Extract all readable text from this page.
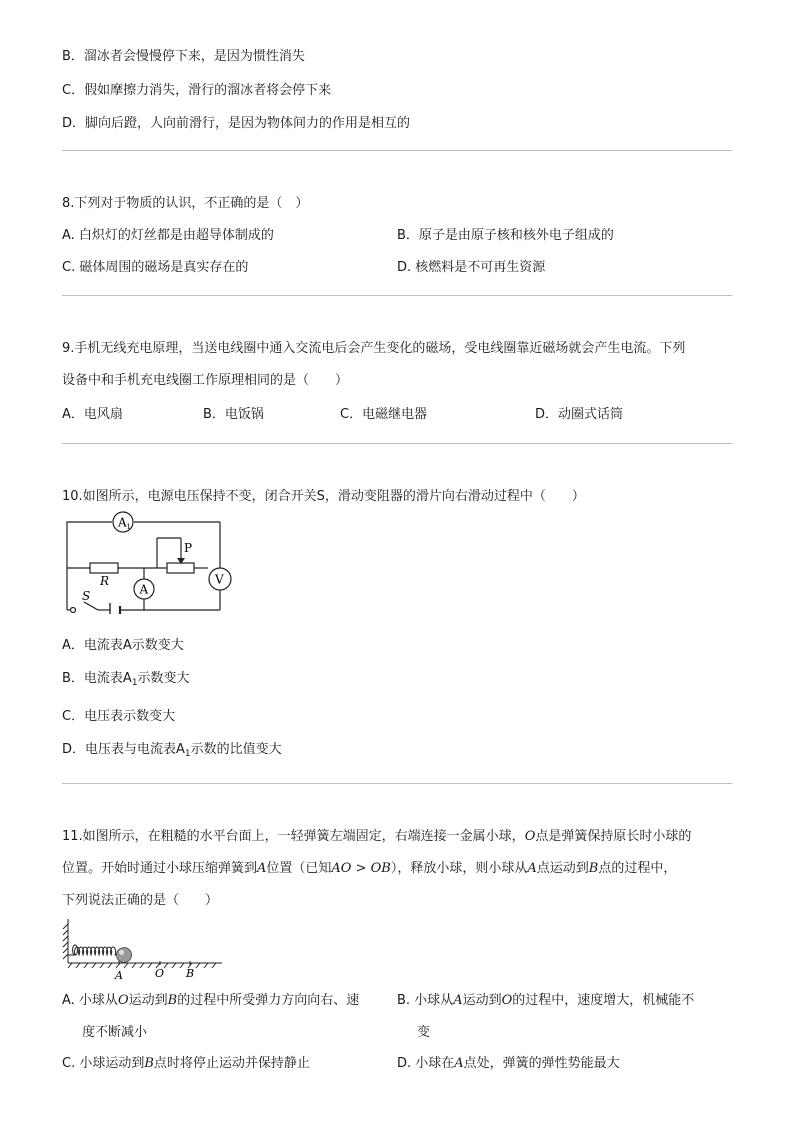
B．溜冰者会慢慢停下来，是因为惯性消失
C．假如摩擦力消失，滑行的溜冰者将会停下来
D．脚向后蹬，人向前滑行，是因为物体间力的作用是相互的
8.下列对于物质的认识，不正确的是（　）
A. 白炽灯的灯丝都是由超导体制成的	B．原子是由原子核和核外电子组成的
C. 磁体周围的磁场是真实存在的	D. 核燃料是不可再生资源
9.手机无线充电原理，当送电线圈中通入交流电后会产生变化的磁场，受电线圈靠近磁场就会产生电流。下列
设备中和手机充电线圈工作原理相同的是（　　）
A．电风扇	B．电饭锅	C．电磁继电器	D．动圈式话筒
10.如图所示，电源电压保持不变，闭合开关S，滑动变阻器的滑片向右滑动过程中（　　）
A 1
P
R
A
V
S
A．电流表A示数变大
B．电流表$A_1$示数变大
C．电压表示数变大
D．电压表与电流表$A_1$示数的比值变大
11.如图所示，在粗糙的水平台面上，一轻弹簧左端固定，右端连接一金属小球，O点是弹簧保持原长时小球的
位置。开始时通过小球压缩弹簧到A位置（已知AO > OB），释放小球，则小球从A点运动到B点的过程中，
下列说法正确的是（　　）
A	O B
A. 小球从O运动到B的过程中所受弹力方向向右、速
度不断减小
B. 小球从A运动到O的过程中，速度增大，机械能不
变
C. 小球运动到B点时将停止运动并保持静止	D. 小球在A点处，弹簧的弹性势能最大
